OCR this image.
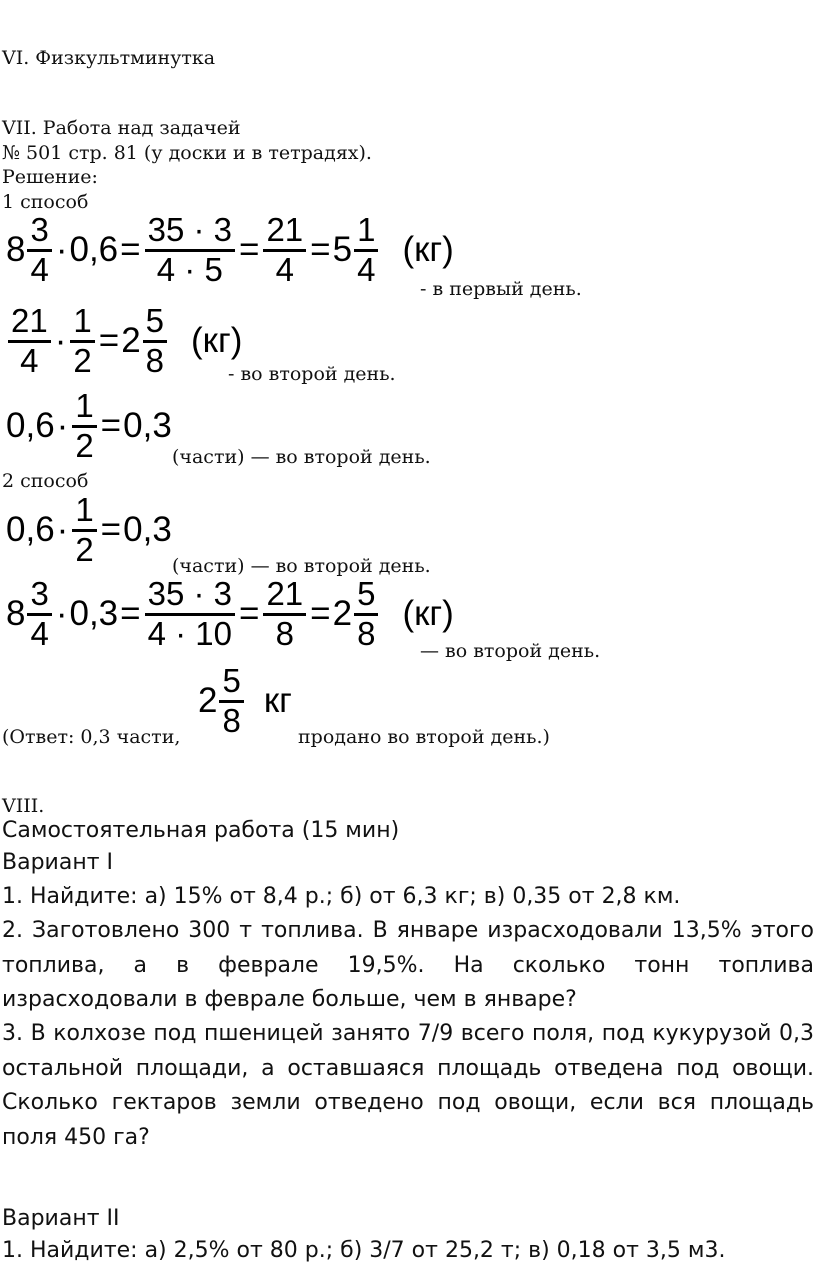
VI. Физкультминутка
VII. Работа над задачей
№ 501 стр. 81 (у доски и в тетрадях).
Решение:
1 способ
$8 \frac{3}{4} \cdot 0,6 = \frac{35 \cdot 3}{4 \cdot 5} = \frac{21}{4} = 5 \frac{1}{4} (кг)$
- в первый день.
$\frac{21}{4} \cdot \frac{1}{2} = 2 \frac{5}{8} (кг)$
- во второй день.
$0,6 \cdot \frac{1}{2} = 0,3$
(части) — во второй день.
2 способ
$0,6 \cdot \frac{1}{2} = 0,3$
(части) — во второй день.
$8 \frac{3}{4} \cdot 0,3 = \frac{35 \cdot 3}{4 \cdot 10} = \frac{21}{8} = 2 \frac{5}{8} (кг)$
— во второй день.
(Ответ: 0,3 части,
$2 \frac{5}{8}$ кг
продано во второй день.)
VIII.
Самостоятельная работа (15 мин)
Вариант I
1. Найдите: а) 15% от 8,4 р.; б) от 6,3 кг; в) 0,35 от 2,8 км.
2. Заготовлено 300 т топлива. В январе израсходовали 13,5% этого топлива, а в феврале 19,5%. На сколько тонн топлива израсходовали в феврале больше, чем в январе?
3. В колхозе под пшеницей занято 7/9 всего поля, под кукурузой 0,3 остальной площади, а оставшаяся площадь отведена под овощи. Сколько гектаров земли отведено под овощи, если вся площадь поля 450 га?
Вариант II
1. Найдите: а) 2,5% от 80 р.; б) 3/7 от 25,2 т; в) 0,18 от 3,5 м3.
